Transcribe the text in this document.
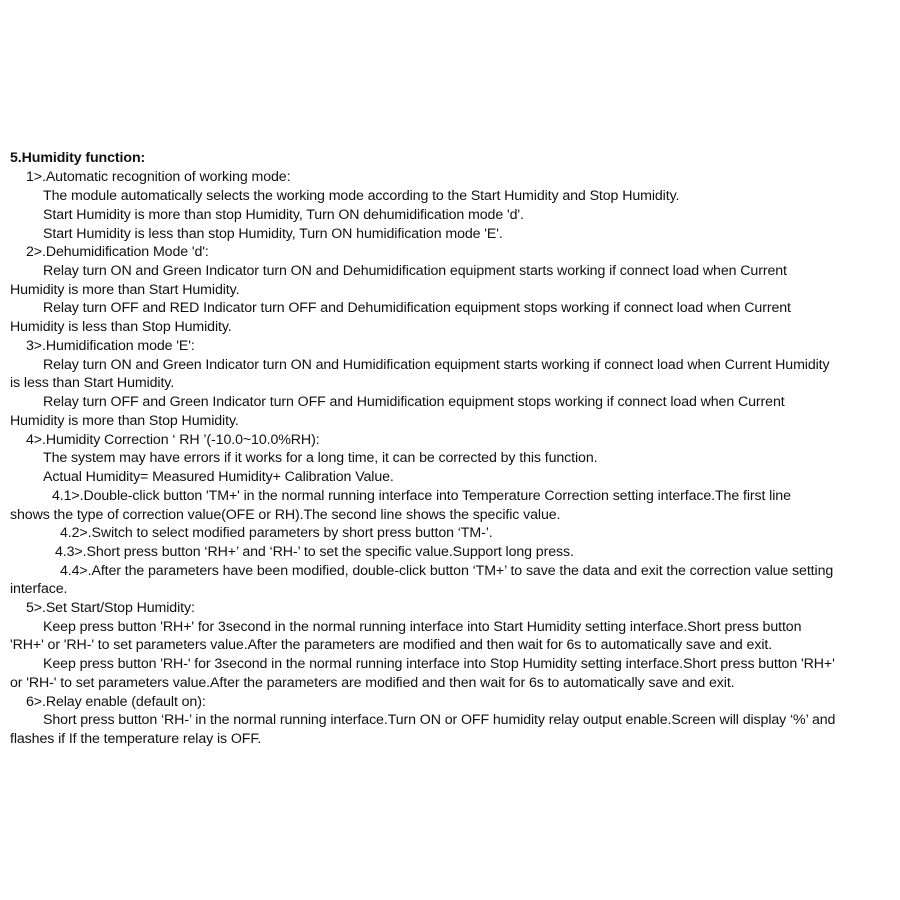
5.Humidity function:
1>.Automatic recognition of working mode:
The module automatically selects the working mode according to the Start Humidity and Stop Humidity.
Start Humidity is more than stop Humidity, Turn ON dehumidification mode 'd'.
Start Humidity is less than stop Humidity, Turn ON humidification mode 'E'.
2>.Dehumidification Mode 'd':
Relay turn ON and Green Indicator turn ON and Dehumidification equipment starts working if connect load when Current
Humidity is more than Start Humidity.
Relay turn OFF and RED Indicator turn OFF and Dehumidification equipment stops working if connect load when Current
Humidity is less than Stop Humidity.
3>.Humidification mode 'E':
Relay turn ON and Green Indicator turn ON and Humidification equipment starts working if connect load when Current Humidity
is less than Start Humidity.
Relay turn OFF and Green Indicator turn OFF and Humidification equipment stops working if connect load when Current
Humidity is more than Stop Humidity.
4>.Humidity Correction ‘ RH ’(-10.0~10.0%RH):
The system may have errors if it works for a long time, it can be corrected by this function.
Actual Humidity= Measured Humidity+ Calibration Value.
4.1>.Double-click button 'TM+' in the normal running interface into Temperature Correction setting interface.The first line
shows the type of correction value(OFE or RH).The second line shows the specific value.
4.2>.Switch to select modified parameters by short press button ‘TM-’.
4.3>.Short press button ‘RH+’ and ‘RH-’ to set the specific value.Support long press.
4.4>.After the parameters have been modified, double-click button ‘TM+’ to save the data and exit the correction value setting
interface.
5>.Set Start/Stop Humidity:
Keep press button 'RH+' for 3second in the normal running interface into Start Humidity setting interface.Short press button
'RH+' or 'RH-' to set parameters value.After the parameters are modified and then wait for 6s to automatically save and exit.
Keep press button 'RH-' for 3second in the normal running interface into Stop Humidity setting interface.Short press button 'RH+'
or 'RH-' to set parameters value.After the parameters are modified and then wait for 6s to automatically save and exit.
6>.Relay enable (default on):
Short press button ‘RH-’ in the normal running interface.Turn ON or OFF humidity relay output enable.Screen will display ‘%’ and
flashes if If the temperature relay is OFF.
